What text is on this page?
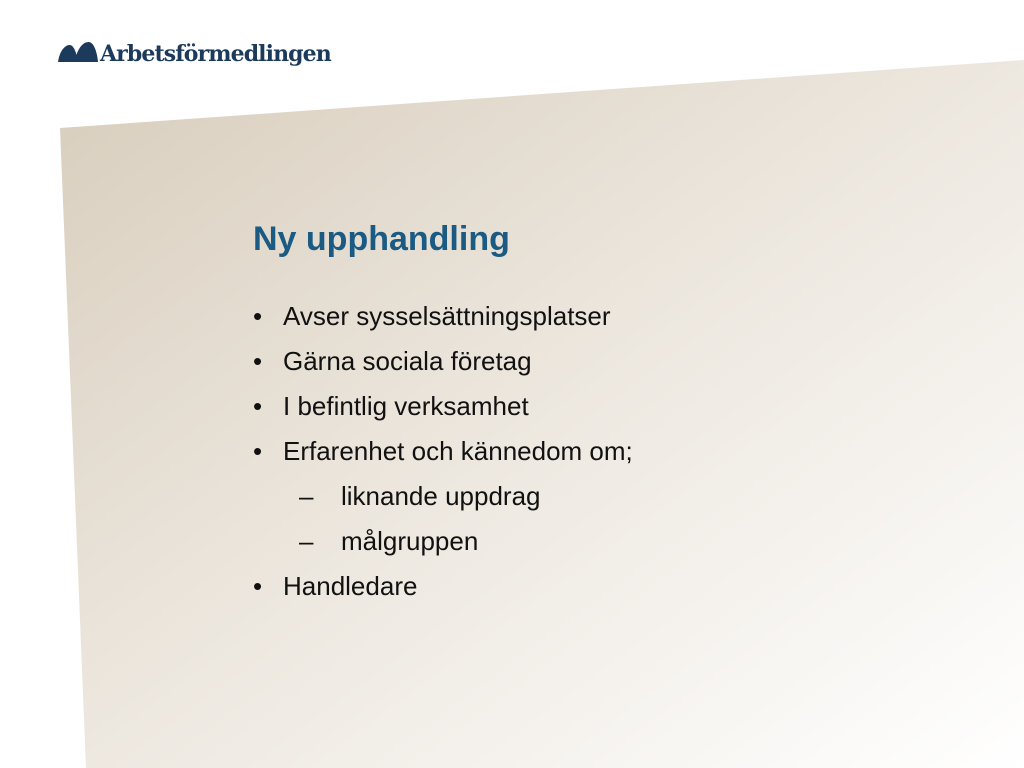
Arbetsförmedlingen
Ny upphandling
• Avser sysselsättningsplatser
• Gärna sociala företag
• I befintlig verksamhet
• Erfarenhet och kännedom om;
–	liknande uppdrag
–	målgruppen
• Handledare
